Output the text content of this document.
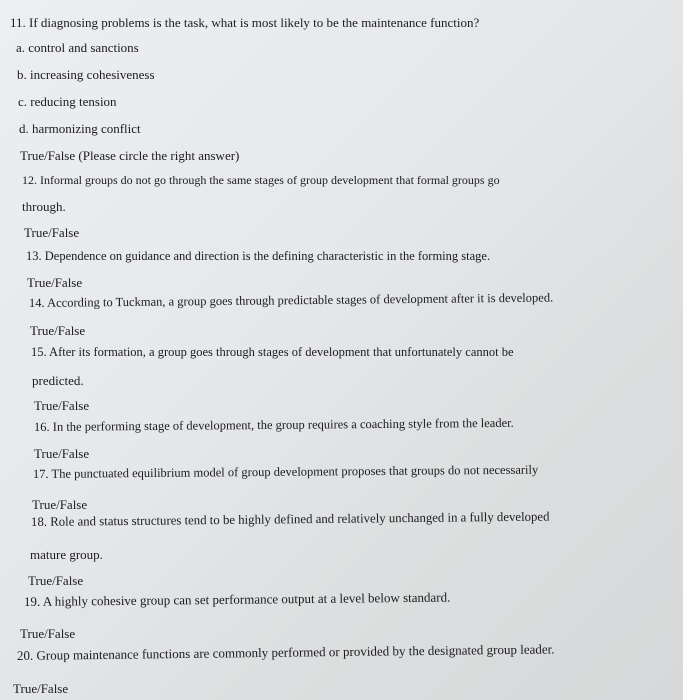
11. If diagnosing problems is the task, what is most likely to be the maintenance function?
a. control and sanctions
b. increasing cohesiveness
c. reducing tension
d. harmonizing conflict
True/False (Please circle the right answer)
12. Informal groups do not go through the same stages of group development that formal groups go
through.
True/False
13. Dependence on guidance and direction is the defining characteristic in the forming stage.
True/False
14. According to Tuckman, a group goes through predictable stages of development after it is developed.
True/False
15. After its formation, a group goes through stages of development that unfortunately cannot be
predicted.
True/False
16. In the performing stage of development, the group requires a coaching style from the leader.
True/False
17. The punctuated equilibrium model of group development proposes that groups do not necessarily
True/False
18. Role and status structures tend to be highly defined and relatively unchanged in a fully developed
mature group.
True/False
19. A highly cohesive group can set performance output at a level below standard.
True/False
20. Group maintenance functions are commonly performed or provided by the designated group leader.
True/False
